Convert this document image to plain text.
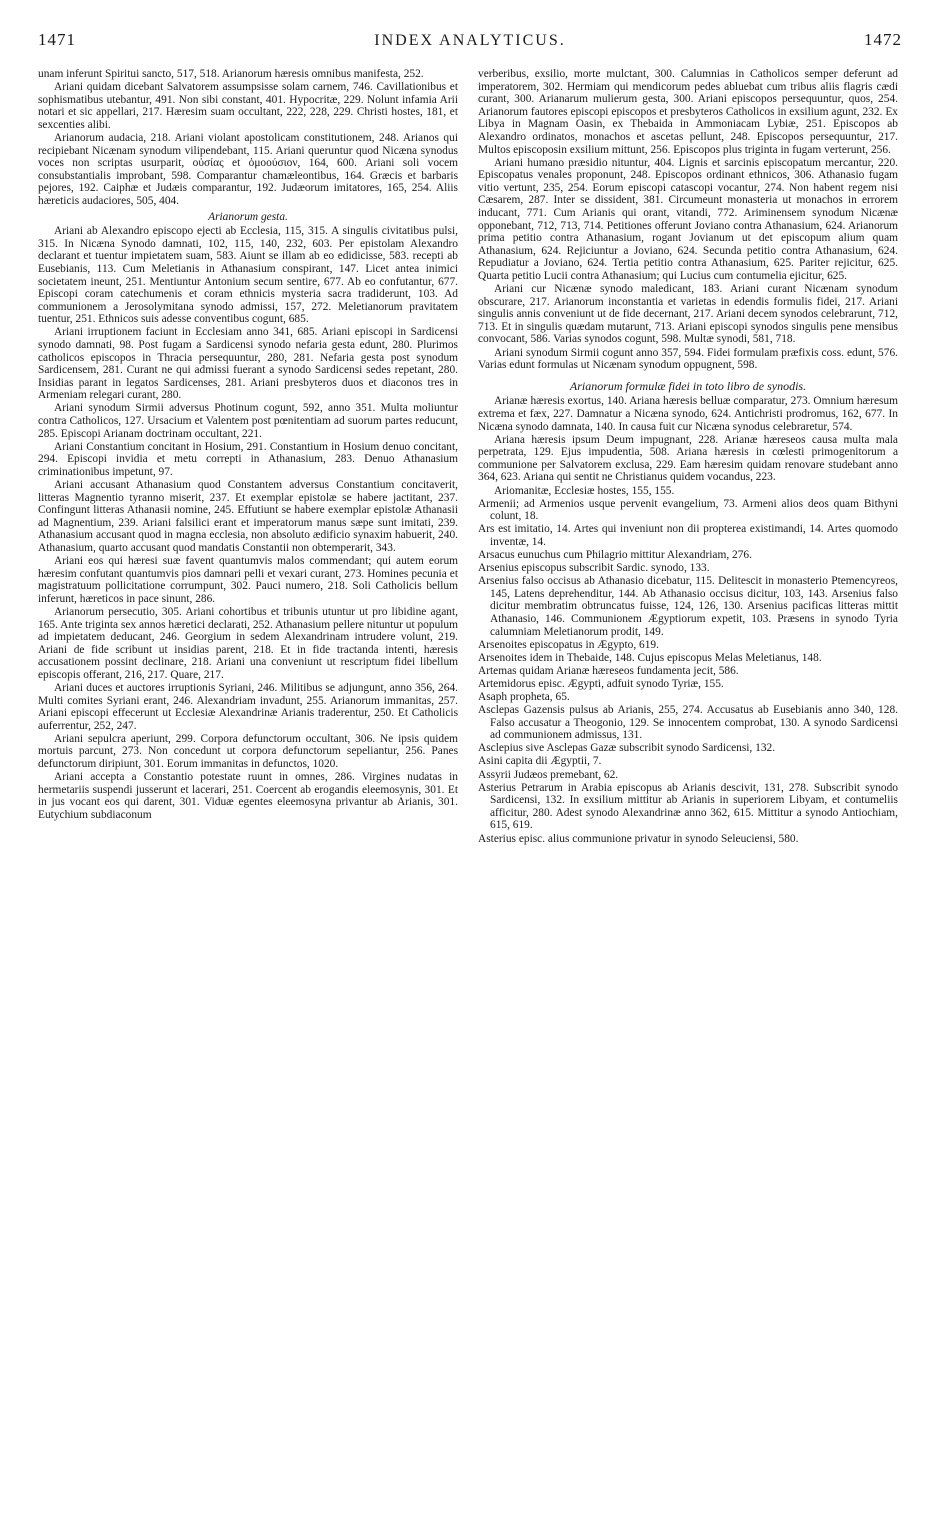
1471	INDEX ANALYTICUS.	1472

unam inferunt Spiritui sancto, 517, 518. Arianorum hæresis omnibus manifesta, 252.

Ariani quidam dicebant Salvatorem assumpsisse solam carnem, 746. Cavillationibus et sophismatibus utebantur, 491. Non sibi constant, 401. Hypocritæ, 229. Nolunt infamia Arii notari et sic appellari, 217. Hæresim suam occultant, 222, 228, 229. Christi hostes, 181, et sexcenties alibi.

Arianorum audacia, 218. Ariani violant apostolicam constitutionem, 248. Arianos qui recipiebant Nicænam synodum vilipendebant, 115. Ariani queruntur quod Nicæna synodus voces non scriptas usurparit, οὐσίας et ὁμοούσιον, 164, 600. Ariani soli vocem consubstantialis improbant, 598. Comparantur chamæleontibus, 164. Græcis et barbaris pejores, 192. Caiphæ et Judæis comparantur, 192. Judæorum imitatores, 165, 254. Aliis hæreticis audaciores, 505, 404.

Arianorum gesta.

Ariani ab Alexandro episcopo ejecti ab Ecclesia, 115, 315. A singulis civitatibus pulsi, 315. In Nicæna Synodo damnati, 102, 115, 140, 232, 603. Per epistolam Alexandro declarant et tuentur impietatem suam, 583. Aiunt se illam ab eo edidicisse, 583. recepti ab Eusebianis, 113. Cum Meletianis in Athanasium conspirant, 147. Licet antea inimici societatem ineunt, 251. Mentiuntur Antonium secum sentire, 677. Ab eo confutantur, 677. Episcopi coram catechumenis et coram ethnicis mysteria sacra tradiderunt, 103. Ad communionem a Jerosolymitana synodo admissi, 157, 272. Meletianorum pravitatem tuentur, 251. Ethnicos suis adesse conventibus cogunt, 685.

Ariani irruptionem faciunt in Ecclesiam anno 341, 685. Ariani episcopi in Sardicensi synodo damnati, 98. Post fugam a Sardicensi synodo nefaria gesta edunt, 280. Plurimos catholicos episcopos in Thracia persequuntur, 280, 281. Nefaria gesta post synodum Sardicensem, 281. Curant ne qui admissi fuerant a synodo Sardicensi sedes repetant, 280. Insidias parant in legatos Sardicenses, 281. Ariani presbyteros duos et diaconos tres in Armeniam relegari curant, 280.

Ariani synodum Sirmii adversus Photinum cogunt, 592, anno 351. Multa moliuntur contra Catholicos, 127. Ursacium et Valentem post pœnitentiam ad suorum partes reducunt, 285. Episcopi Arianam doctrinam occultant, 221.

Ariani Constantium concitant in Hosium, 291. Constantium in Hosium denuo concitant, 294. Episcopi invidia et metu correpti in Athanasium, 283. Denuo Athanasium criminationibus impetunt, 97.

Ariani accusant Athanasium quod Constantem adversus Constantium concitaverit, litteras Magnentio tyranno miserit, 237. Et exemplar epistolæ se habere jactitant, 237. Confingunt litteras Athanasii nomine, 245. Effutiunt se habere exemplar epistolæ Athanasii ad Magnentium, 239. Ariani falsilici erant et imperatorum manus sæpe sunt imitati, 239. Athanasium accusant quod in magna ecclesia, non absoluto ædificio synaxim habuerit, 240. Athanasium, quarto accusant quod mandatis Constantii non obtemperarit, 343.

Ariani eos qui hæresi suæ favent quantumvis malos commendant; qui autem eorum hæresim confutant quantumvis pios damnari pelli et vexari curant, 273. Homines pecunia et magistratuum pollicitatione corrumpunt, 302. Pauci numero, 218. Soli Catholicis bellum inferunt, hæreticos in pace sinunt, 286.

Arianorum persecutio, 305. Ariani cohortibus et tribunis utuntur ut pro libidine agant, 165. Ante triginta sex annos hæretici declarati, 252. Athanasium pellere nituntur ut populum ad impietatem deducant, 246. Georgium in sedem Alexandrinam intrudere volunt, 219. Ariani de fide scribunt ut insidias parent, 218. Et in fide tractanda intenti, hæresis accusationem possint declinare, 218. Ariani una conveniunt ut rescriptum fidei libellum episcopis offerant, 216, 217. Quare, 217.

Ariani duces et auctores irruptionis Syriani, 246. Militibus se adjungunt, anno 356, 264. Multi comites Syriani erant, 246. Alexandriam invadunt, 255. Arianorum immanitas, 257. Ariani episcopi effecerunt ut Ecclesiæ Alexandrinæ Arianis traderentur, 250. Et Catholicis auferrentur, 252, 247.

Ariani sepulcra aperiunt, 299. Corpora defunctorum occultant, 306. Ne ipsis quidem mortuis parcunt, 273. Non concedunt ut corpora defunctorum sepeliantur, 256. Panes defunctorum diripiunt, 301. Eorum immanitas in defunctos, 1020.

Ariani accepta a Constantio potestate ruunt in omnes, 286. Virgines nudatas in hermetariis suspendi jusserunt et lacerari, 251. Coercent ab erogandis eleemosynis, 301. Et in jus vocant eos qui darent, 301. Viduæ egentes eleemosyna privantur ab Arianis, 301. Eutychium subdiaconum

verberibus, exsilio, morte mulctant, 300. Calumnias in Catholicos semper deferunt ad imperatorem, 302. Hermiam qui mendicorum pedes abluebat cum tribus aliis flagris cædi curant, 300. Arianarum mulierum gesta, 300. Ariani episcopos persequuntur, quos, 254. Arianorum fautores episcopi episcopos et presbyteros Catholicos in exsilium agunt, 232. Ex Libya in Magnam Oasin, ex Thebaida in Ammoniacam Lybiæ, 251. Episcopos ab Alexandro ordinatos, monachos et ascetas pellunt, 248. Episcopos persequuntur, 217. Multos episcoposin exsilium mittunt, 256. Episcopos plus triginta in fugam verterunt, 256.

Ariani humano præsidio nituntur, 404. Lignis et sarcinis episcopatum mercantur, 220. Episcopatus venales proponunt, 248. Episcopos ordinant ethnicos, 306. Athanasio fugam vitio vertunt, 235, 254. Eorum episcopi catascopi vocantur, 274. Non habent regem nisi Cæsarem, 287. Inter se dissident, 381. Circumeunt monasteria ut monachos in errorem inducant, 771. Cum Arianis qui orant, vitandi, 772. Ariminensem synodum Nicænæ opponebant, 712, 713, 714. Petitiones offerunt Joviano contra Athanasium, 624. Arianorum prima petitio contra Athanasium, rogant Jovianum ut det episcopum alium quam Athanasium, 624. Rejiciuntur a Joviano, 624. Secunda petitio contra Athanasium, 624. Repudiatur a Joviano, 624. Tertia petitio contra Athanasium, 625. Pariter rejicitur, 625. Quarta petitio Lucii contra Athanasium; qui Lucius cum contumelia ejicitur, 625.

Ariani cur Nicænæ synodo maledicant, 183. Ariani curant Nicænam synodum obscurare, 217. Arianorum inconstantia et varietas in edendis formulis fidei, 217. Ariani singulis annis conveniunt ut de fide decernant, 217. Ariani decem synodos celebrarunt, 712, 713. Et in singulis quædam mutarunt, 713. Ariani episcopi synodos singulis pene mensibus convocant, 586. Varias synodos cogunt, 598. Multæ synodi, 581, 718.

Ariani synodum Sirmii cogunt anno 357, 594. Fidei formulam præfixis coss. edunt, 576. Varias edunt formulas ut Nicænam synodum oppugnent, 598.

Arianorum formulæ fidei in toto libro de synodis.

Arianæ hæresis exortus, 140. Ariana hæresis belluæ comparatur, 273. Omnium hæresum extrema et fæx, 227. Damnatur a Nicæna synodo, 624. Antichristi prodromus, 162, 677. In Nicæna synodo damnata, 140. In causa fuit cur Nicæna synodus celebraretur, 574.

Ariana hæresis ipsum Deum impugnant, 228. Arianæ hæreseos causa multa mala perpetrata, 129. Ejus impudentia, 508. Ariana hæresis in cœlesti primogenitorum a communione per Salvatorem exclusa, 229. Eam hæresim quidam renovare studebant anno 364, 623. Ariana qui sentit ne Christianus quidem vocandus, 223.

Ariomanitæ, Ecclesiæ hostes, 155, 155.

Armenii; ad Armenios usque pervenit evangelium, 73. Armeni alios deos quam Bithyni colunt, 18.

Ars est imitatio, 14. Artes qui inveniunt non dii propterea existimandi, 14. Artes quomodo inventæ, 14.

Arsacus eunuchus cum Philagrio mittitur Alexandriam, 276.

Arsenius episcopus subscribit Sardic. synodo, 133.

Arsenius falso occisus ab Athanasio dicebatur, 115. Delitescit in monasterio Ptemencyreos, 145, Latens deprehenditur, 144. Ab Athanasio occisus dicitur, 103, 143. Arsenius falso dicitur membratim obtruncatus fuisse, 124, 126, 130. Arsenius pacificas litteras mittit Athanasio, 146. Communionem Ægyptiorum expetit, 103. Præsens in synodo Tyria calumniam Meletianorum prodit, 149.

Arsenoites episcopatus in Ægypto, 619.

Arsenoites idem in Thebaide, 148. Cujus episcopus Melas Meletianus, 148.

Artemas quidam Arianæ hæreseos fundamenta jecit, 586.

Artemidorus episc. Ægypti, adfuit synodo Tyriæ, 155.

Asaph propheta, 65.

Asclepas Gazensis pulsus ab Arianis, 255, 274. Accusatus ab Eusebianis anno 340, 128. Falso accusatur a Theogonio, 129. Se innocentem comprobat, 130. A synodo Sardicensi ad communionem admissus, 131.

Asclepius sive Asclepas Gazæ subscribit synodo Sardicensi, 132.

Asini capita dii Ægyptii, 7.

Assyrii Judæos premebant, 62.

Asterius Petrarum in Arabia episcopus ab Arianis descivit, 131, 278. Subscribit synodo Sardicensi, 132. In exsilium mittitur ab Arianis in superiorem Libyam, et contumeliis afficitur, 280. Adest synodo Alexandrinæ anno 362, 615. Mittitur a synodo Antiochiam, 615, 619.

Asterius episc. alius communione privatur in synodo Seleuciensi, 580.
